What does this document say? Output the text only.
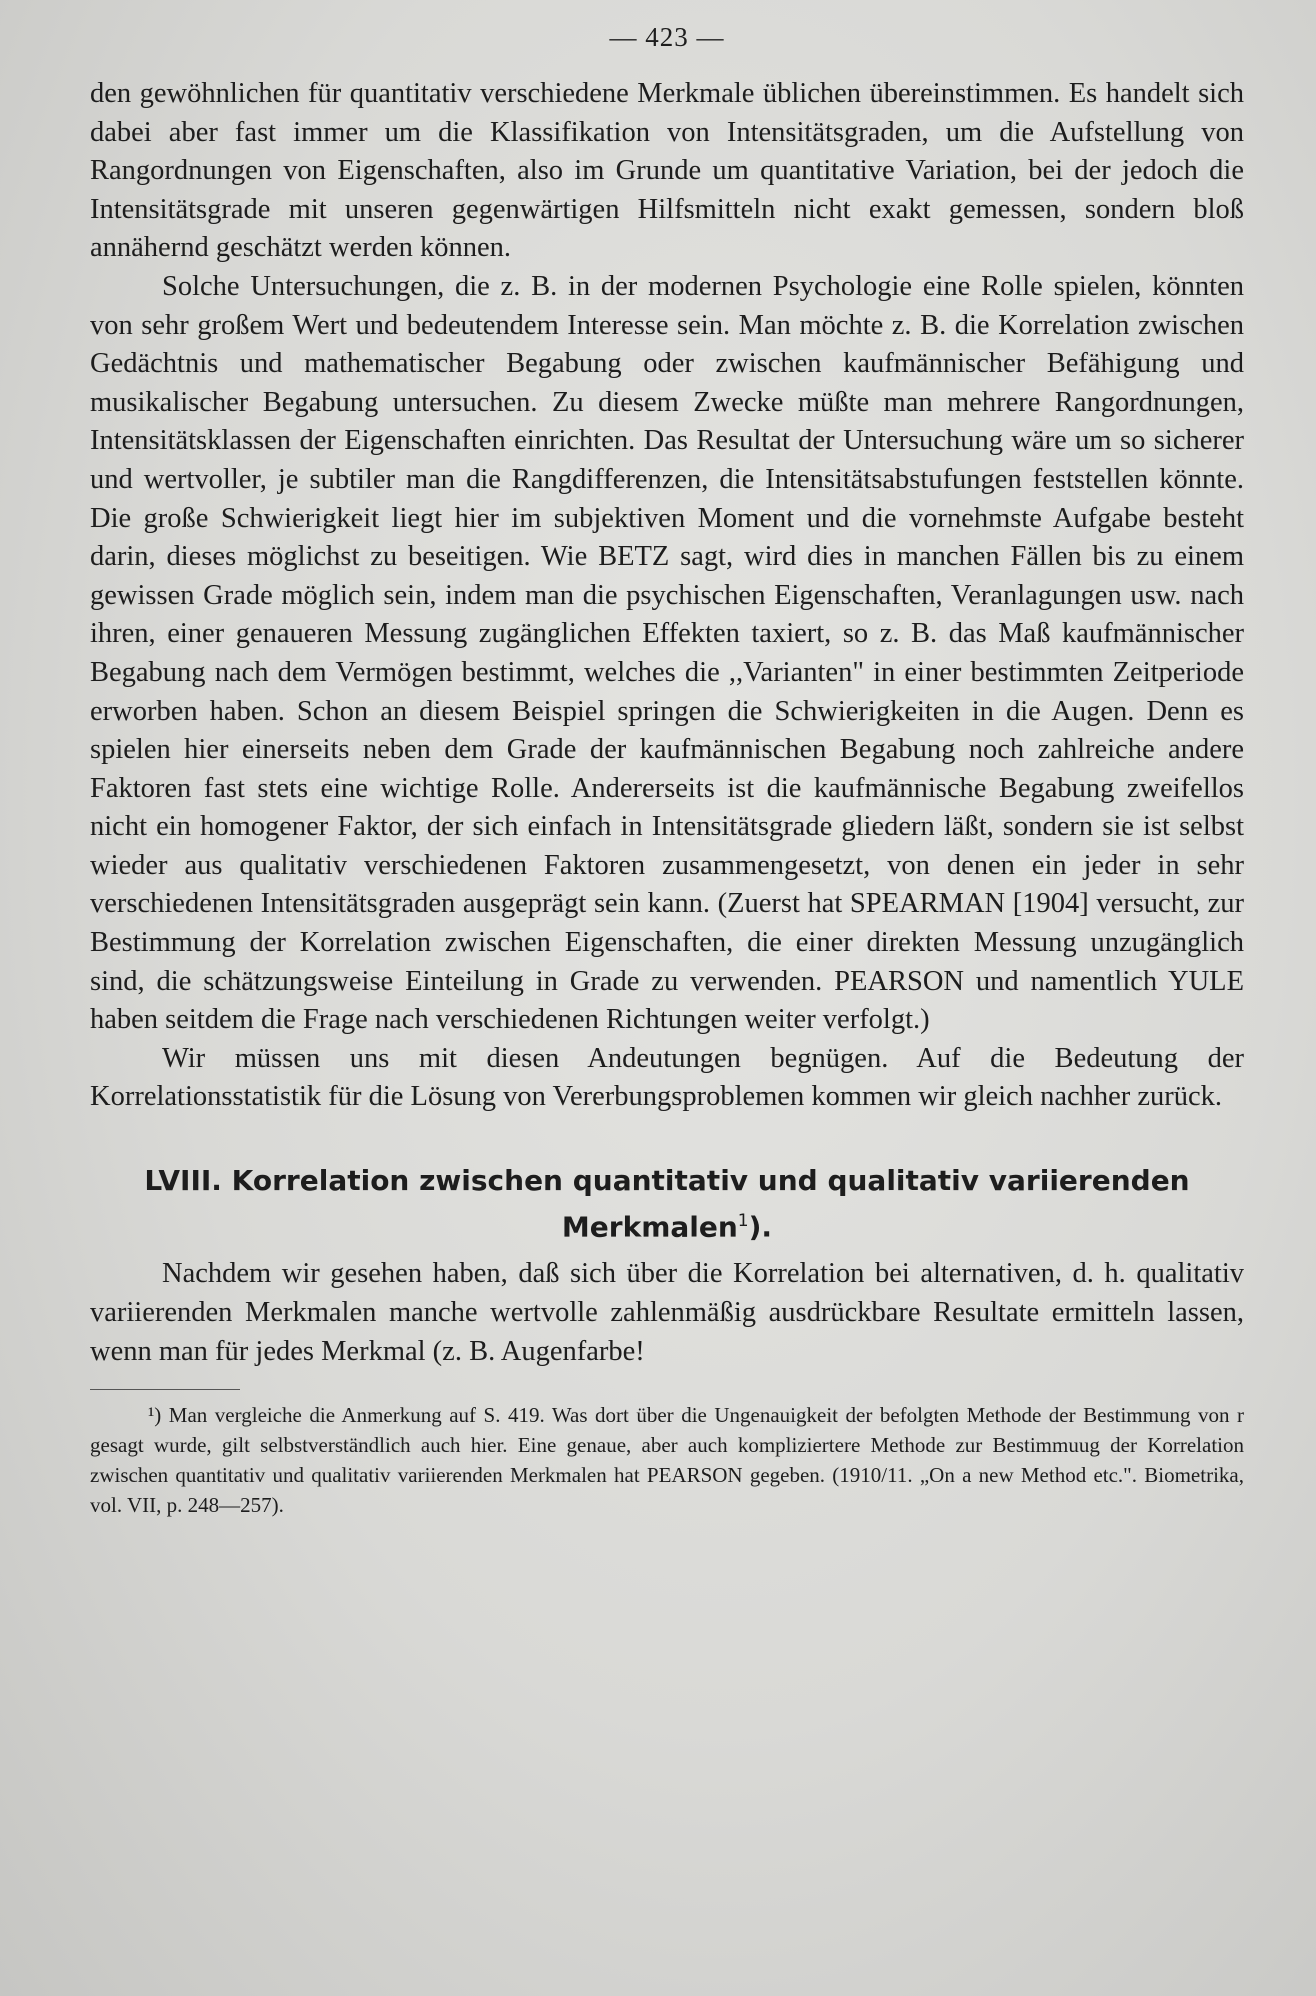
— 423 —

den gewöhnlichen für quantitativ verschiedene Merkmale üblichen übereinstimmen. Es handelt sich dabei aber fast immer um die Klassifikation von Intensitätsgraden, um die Aufstellung von Rangordnungen von Eigenschaften, also im Grunde um quantitative Variation, bei der jedoch die Intensitätsgrade mit unseren gegenwärtigen Hilfsmitteln nicht exakt gemessen, sondern bloß annähernd geschätzt werden können.

Solche Untersuchungen, die z. B. in der modernen Psychologie eine Rolle spielen, könnten von sehr großem Wert und bedeutendem Interesse sein. Man möchte z. B. die Korrelation zwischen Gedächtnis und mathematischer Begabung oder zwischen kaufmännischer Befähigung und musikalischer Begabung untersuchen. Zu diesem Zwecke müßte man mehrere Rangordnungen, Intensitätsklassen der Eigenschaften einrichten. Das Resultat der Untersuchung wäre um so sicherer und wertvoller, je subtiler man die Rangdifferenzen, die Intensitätsabstufungen feststellen könnte. Die große Schwierigkeit liegt hier im subjektiven Moment und die vornehmste Aufgabe besteht darin, dieses möglichst zu beseitigen. Wie BETZ sagt, wird dies in manchen Fällen bis zu einem gewissen Grade möglich sein, indem man die psychischen Eigenschaften, Veranlagungen usw. nach ihren, einer genaueren Messung zugänglichen Effekten taxiert, so z. B. das Maß kaufmännischer Begabung nach dem Vermögen bestimmt, welches die ,,Varianten" in einer bestimmten Zeitperiode erworben haben. Schon an diesem Beispiel springen die Schwierigkeiten in die Augen. Denn es spielen hier einerseits neben dem Grade der kaufmännischen Begabung noch zahlreiche andere Faktoren fast stets eine wichtige Rolle. Andererseits ist die kaufmännische Begabung zweifellos nicht ein homogener Faktor, der sich einfach in Intensitätsgrade gliedern läßt, sondern sie ist selbst wieder aus qualitativ verschiedenen Faktoren zusammengesetzt, von denen ein jeder in sehr verschiedenen Intensitätsgraden ausgeprägt sein kann. (Zuerst hat SPEARMAN [1904] versucht, zur Bestimmung der Korrelation zwischen Eigenschaften, die einer direkten Messung unzugänglich sind, die schätzungsweise Einteilung in Grade zu verwenden. PEARSON und namentlich YULE haben seitdem die Frage nach verschiedenen Richtungen weiter verfolgt.)

Wir müssen uns mit diesen Andeutungen begnügen. Auf die Bedeutung der Korrelationsstatistik für die Lösung von Vererbungsproblemen kommen wir gleich nachher zurück.

LVIII. Korrelation zwischen quantitativ und qualitativ variierenden Merkmalen$^1$).

Nachdem wir gesehen haben, daß sich über die Korrelation bei alternativen, d. h. qualitativ variierenden Merkmalen manche wertvolle zahlenmäßig ausdrückbare Resultate ermitteln lassen, wenn man für jedes Merkmal (z. B. Augenfarbe!

¹) Man vergleiche die Anmerkung auf S. 419. Was dort über die Ungenauigkeit der befolgten Methode der Bestimmung von r gesagt wurde, gilt selbstverständlich auch hier. Eine genaue, aber auch kompliziertere Methode zur Bestimmuug der Korrelation zwischen quantitativ und qualitativ variierenden Merkmalen hat PEARSON gegeben. (1910/11. „On a new Method etc.". Biometrika, vol. VII, p. 248—257).
